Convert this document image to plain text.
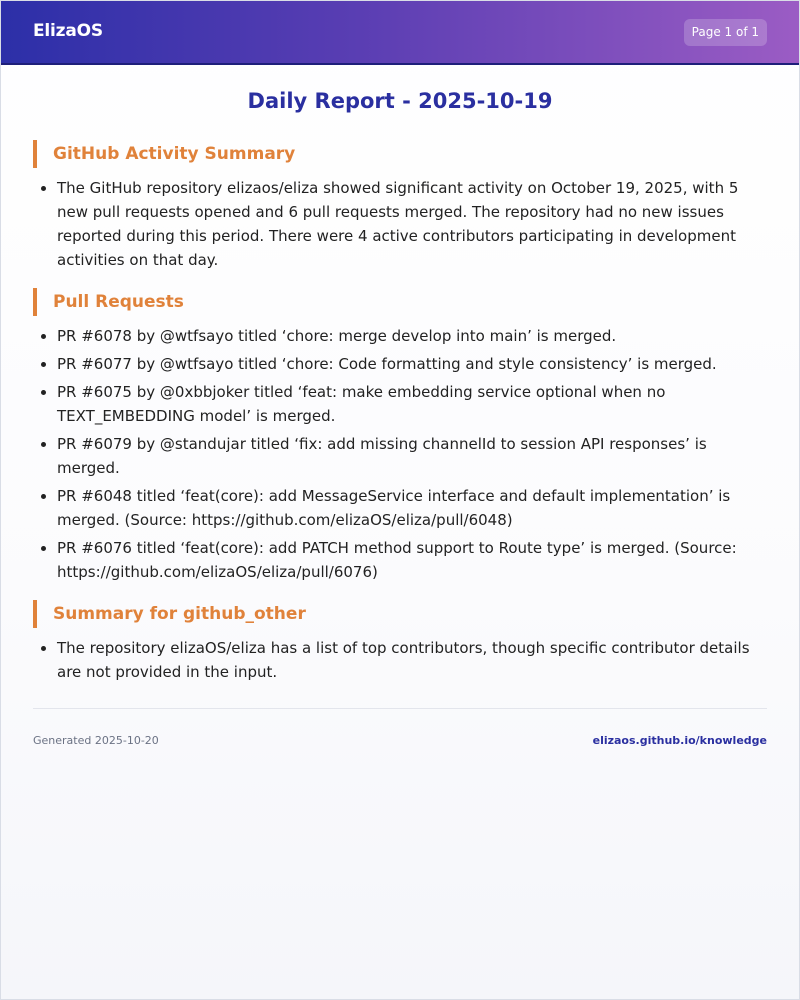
ElizaOS	Page 1 of 1
Daily Report - 2025-10-19
GitHub Activity Summary
• The GitHub repository elizaos/eliza showed significant activity on October 19, 2025, with 5 new pull requests opened and 6 pull requests merged. The repository had no new issues reported during this period. There were 4 active contributors participating in development activities on that day.
Pull Requests
• PR #6078 by @wtfsayo titled ‘chore: merge develop into main’ is merged.
• PR #6077 by @wtfsayo titled ‘chore: Code formatting and style consistency’ is merged.
• PR #6075 by @0xbbjoker titled ‘feat: make embedding service optional when no TEXT_EMBEDDING model’ is merged.
• PR #6079 by @standujar titled ‘fix: add missing channelId to session API responses’ is merged.
• PR #6048 titled ‘feat(core): add MessageService interface and default implementation’ is merged. (Source: https://github.com/elizaOS/eliza/pull/6048)
• PR #6076 titled ‘feat(core): add PATCH method support to Route type’ is merged. (Source: https://github.com/elizaOS/eliza/pull/6076)
Summary for github_other
• The repository elizaOS/eliza has a list of top contributors, though specific contributor details are not provided in the input.
Generated 2025-10-20	elizaos.github.io/knowledge
